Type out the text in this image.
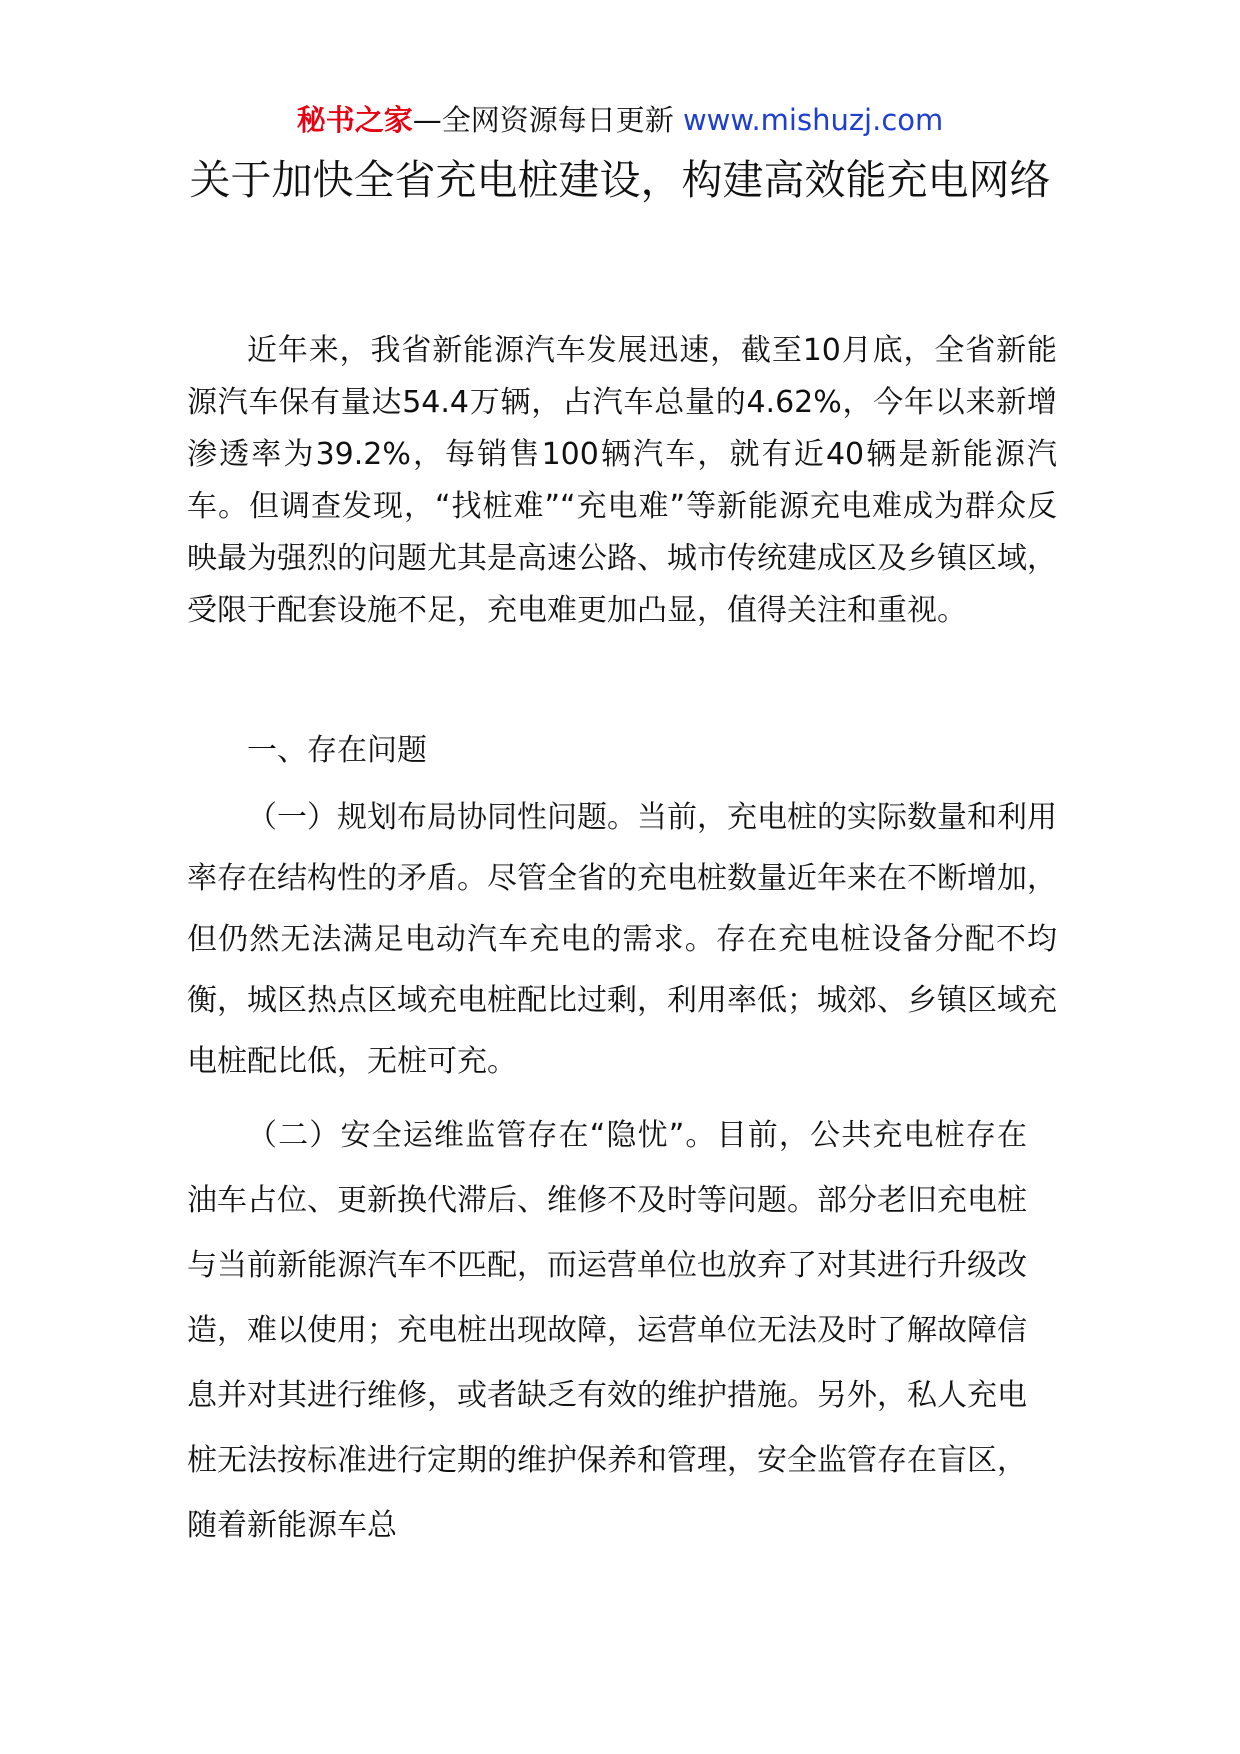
秘书之家—全网资源每日更新 www.mishuzj.com
关于加快全省充电桩建设，构建高效能充电网络

近年来，我省新能源汽车发展迅速，截至10月底，全省新能源汽车保有量达54.4万辆，占汽车总量的4.62%，今年以来新增渗透率为39.2%，每销售100辆汽车，就有近40辆是新能源汽车。但调查发现，“找桩难”“充电难”等新能源充电难成为群众反映最为强烈的问题尤其是高速公路、城市传统建成区及乡镇区域，受限于配套设施不足，充电难更加凸显，值得关注和重视。

一、存在问题

（一）规划布局协同性问题。当前，充电桩的实际数量和利用率存在结构性的矛盾。尽管全省的充电桩数量近年来在不断增加，但仍然无法满足电动汽车充电的需求。存在充电桩设备分配不均衡，城区热点区域充电桩配比过剩，利用率低；城郊、乡镇区域充电桩配比低，无桩可充。

（二）安全运维监管存在“隐忧”。目前，公共充电桩存在油车占位、更新换代滞后、维修不及时等问题。部分老旧充电桩与当前新能源汽车不匹配，而运营单位也放弃了对其进行升级改造，难以使用；充电桩出现故障，运营单位无法及时了解故障信息并对其进行维修，或者缺乏有效的维护措施。另外，私人充电桩无法按标准进行定期的维护保养和管理，安全监管存在盲区，随着新能源车总
